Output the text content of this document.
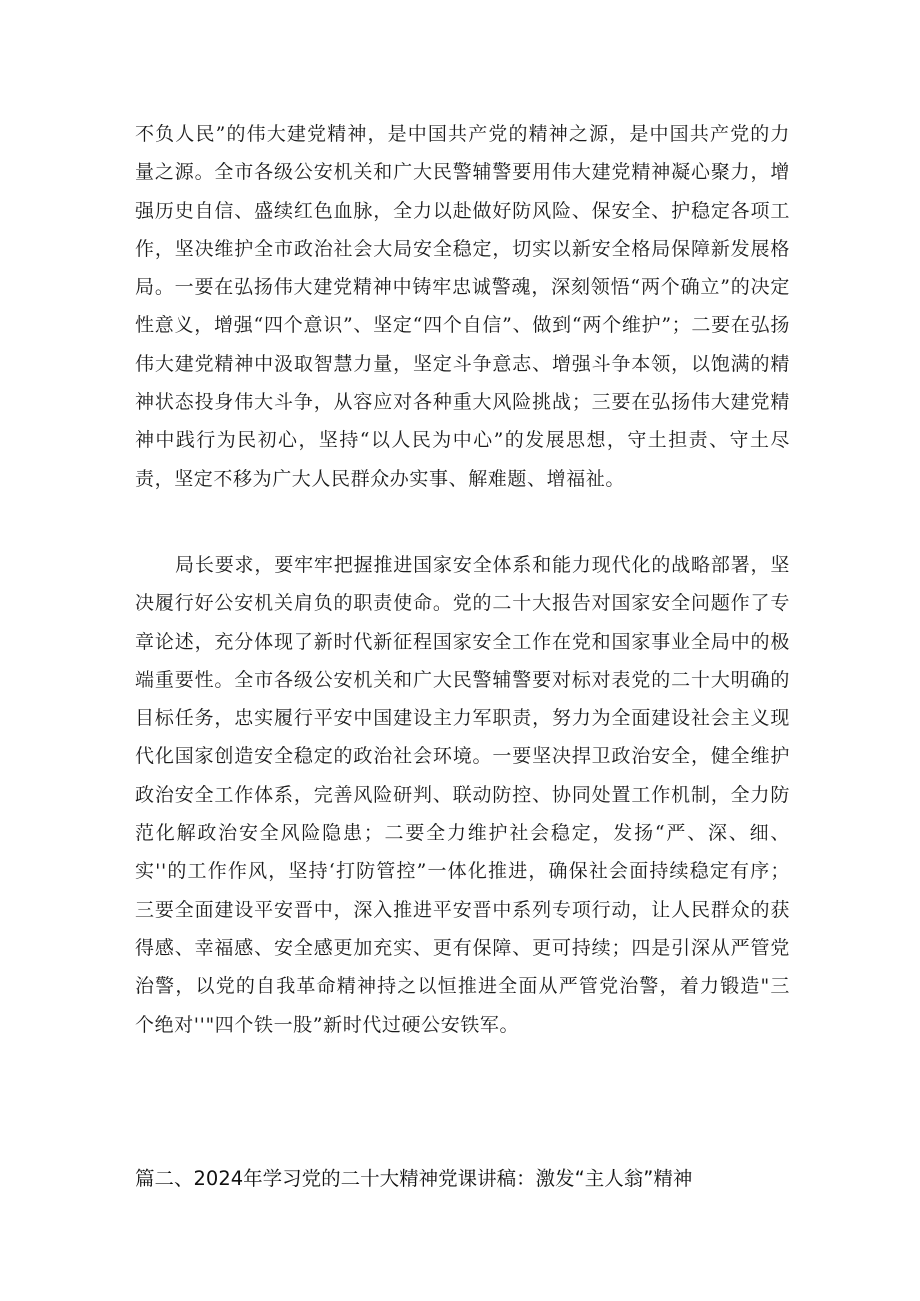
不负人民”的伟大建党精神，是中国共产党的精神之源，是中国共产党的力量之源。全市各级公安机关和广大民警辅警要用伟大建党精神凝心聚力，增强历史自信、盛续红色血脉，全力以赴做好防风险、保安全、护稳定各项工作，坚决维护全市政治社会大局安全稳定，切实以新安全格局保障新发展格局。一要在弘扬伟大建党精神中铸牢忠诚警魂，深刻领悟“两个确立”的决定性意义，增强“四个意识”、坚定“四个自信”、做到“两个维护”；二要在弘扬伟大建党精神中汲取智慧力量，坚定斗争意志、增强斗争本领，以饱满的精神状态投身伟大斗争，从容应对各种重大风险挑战；三要在弘扬伟大建党精神中践行为民初心，坚持“以人民为中心”的发展思想，守土担责、守土尽责，坚定不移为广大人民群众办实事、解难题、增福祉。

局长要求，要牢牢把握推进国家安全体系和能力现代化的战略部署，坚决履行好公安机关肩负的职责使命。党的二十大报告对国家安全问题作了专章论述，充分体现了新时代新征程国家安全工作在党和国家事业全局中的极端重要性。全市各级公安机关和广大民警辅警要对标对表党的二十大明确的目标任务，忠实履行平安中国建设主力军职责，努力为全面建设社会主义现代化国家创造安全稳定的政治社会环境。一要坚决捍卫政治安全，健全维护政治安全工作体系，完善风险研判、联动防控、协同处置工作机制，全力防范化解政治安全风险隐患；二要全力维护社会稳定，发扬“严、深、细、实''的工作作风，坚持‘打防管控”一体化推进，确保社会面持续稳定有序；三要全面建设平安晋中，深入推进平安晋中系列专项行动，让人民群众的获得感、幸福感、安全感更加充实、更有保障、更可持续；四是引深从严管党治警，以党的自我革命精神持之以恒推进全面从严管党治警，着力锻造"三个绝对''"四个铁一股”新时代过硬公安铁军。

篇二、2024年学习党的二十大精神党课讲稿：激发“主人翁”精神
